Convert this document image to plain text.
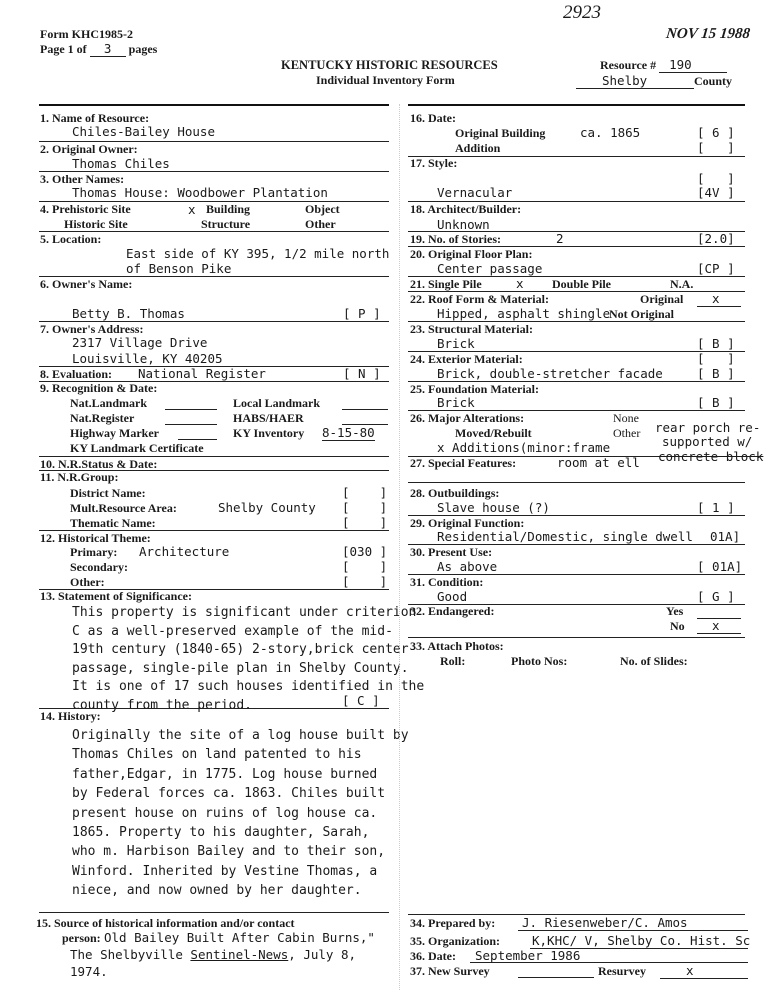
Form KHC1985-2
Page 1 of 3 pages
KENTUCKY HISTORIC RESOURCES
Individual Inventory Form
2923
NOV 15 1988
Resource # 190
Shelby	County
1. Name of Resource:
Chiles-Bailey House
2. Original Owner:
Thomas Chiles
3. Other Names:
Thomas House: Woodbower Plantation
4. Prehistoric Site	x Building	Object
Historic Site	Structure	Other
5. Location:
East side of KY 395, 1/2 mile north
of Benson Pike
6. Owner's Name:
Betty B. Thomas	[ P ]
7. Owner's Address:
2317 Village Drive
Louisville, KY 40205
8. Evaluation: National Register	[ N ]
9. Recognition & Date:
Nat.Landmark	Local Landmark
Nat.Register	HABS/HAER
Highway Marker	KY Inventory 8-15-80
KY Landmark Certificate
10. N.R.Status & Date:
11. N.R.Group:
District Name:	[    ]
Mult.Resource Area:	Shelby County [    ]
Thematic Name:	[    ]
12. Historical Theme:
Primary: Architecture	[030 ]
Secondary:	[    ]
Other:	[    ]
13. Statement of Significance:
This property is significant under criterion
C as a well-preserved example of the mid-
19th century (1840-65) 2-story,brick center-
passage, single-pile plan in Shelby County.
It is one of 17 such houses identified in the
county from the period.	[ C ]
14. History:
Originally the site of a log house built by
Thomas Chiles on land patented to his
father,Edgar, in 1775. Log house burned
by Federal forces ca. 1863. Chiles built
present house on ruins of log house ca.
1865. Property to his daughter, Sarah,
who m. Harbison Bailey and to their son,
Winford. Inherited by Vestine Thomas, a
niece, and now owned by her daughter.
15. Source of historical information and/or contact
person: Old Bailey Built After Cabin Burns,"
The Shelbyville Sentinel-News, July 8,
1974.
16. Date:
Original Building	ca. 1865	[ 6 ]
Addition	[   ]
17. Style:
[   ]
Vernacular	[4V ]
18. Architect/Builder:
Unknown
19. No. of Stories:	2	[2.0]
20. Original Floor Plan:
Center passage	[CP ]
21. Single Pile	x Double Pile	N.A.
22. Roof Form & Material:	Original	x
Hipped, asphalt shingle
Not Original
23. Structural Material:
Brick	[ B ]
24. Exterior Material:	[   ]
Brick, double-stretcher facade	[ B ]
25. Foundation Material:
Brick	[ B ]
26. Major Alterations:	None
Moved/Rebuilt	Other
x Additions(minor:frame
rear porch re-
supported w/
concrete block
27. Special Features:	room at ell
28. Outbuildings:
Slave house (?)	[ 1 ]
29. Original Function:
Residential/Domestic, single dwell 01A]
30. Present Use:
As above	[ 01A]
31. Condition:
Good	[ G ]
32. Endangered:	Yes
No	x
33. Attach Photos:
Roll:	Photo Nos:	No. of Slides:
34. Prepared by: J. Riesenweber/C. Amos
35. Organization:	K,KHC/ V, Shelby Co. Hist. Sc
36. Date: September 1986
37. New Survey	Resurvey	x
